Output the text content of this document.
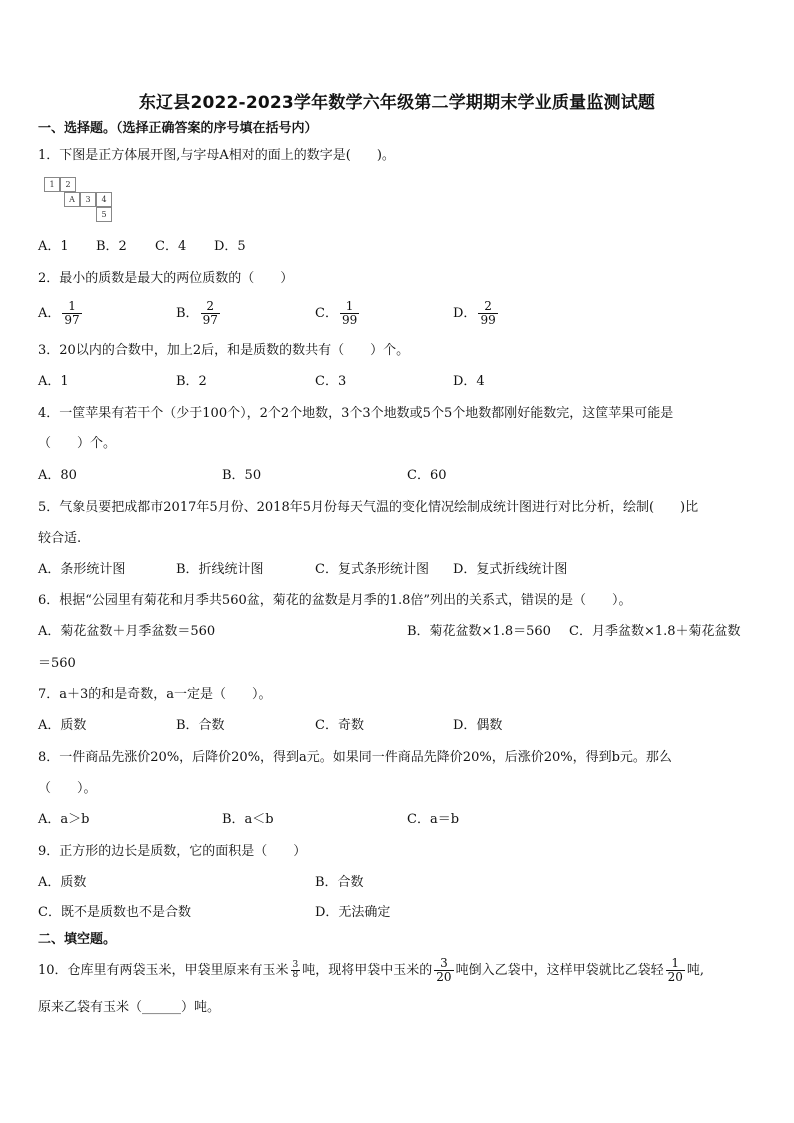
东辽县2022-2023学年数学六年级第二学期期末学业质量监测试题
一、选择题。（选择正确答案的序号填在括号内）
1．下图是正方体展开图,与字母A相对的面上的数字是(　　)。
1	2
A	3	4
5
A．1 B．2 C．4 D．5
2．最小的质数是最大的两位质数的（　　）
A． $\frac{1}{97}$	B． $\frac{2}{97}$	C． $\frac{1}{99}$	D． $\frac{2}{99}$
3．20以内的合数中，加上2后，和是质数的数共有（　　）个。
A．1	B．2	C．3	D．4
4．一筐苹果有若干个（少于100个），2个2个地数，3个3个地数或5个5个地数都刚好能数完，这筐苹果可能是
（　　）个。
A．80	B．50	C．60
5．气象员要把成都市2017年5月份、2018年5月份每天气温的变化情况绘制成统计图进行对比分析，绘制(　　)比
较合适.
A．条形统计图	B．折线统计图	C．复式条形统计图 D．复式折线统计图
6．根据“公园里有菊花和月季共560盆，菊花的盆数是月季的1.8倍”列出的关系式，错误的是（　　）。
A．菊花盆数＋月季盆数＝560	B．菊花盆数×1.8＝560 C．月季盆数×1.8＋菊花盆数
＝560
7．a＋3的和是奇数，a一定是（　　）。
A．质数	B．合数	C．奇数	D．偶数
8．一件商品先涨价20%，后降价20%，得到a元。如果同一件商品先降价20%，后涨价20%，得到b元。那么
（　　）。
A．a＞b	B．a＜b	C．a＝b
9．正方形的边长是质数，它的面积是（　　）
A．质数	B．合数
C．既不是质数也不是合数	D．无法确定
二、填空题。
10．仓库里有两袋玉米，甲袋里原来有玉米 $\frac{3}{8}$ 吨，现将甲袋中玉米的 $\frac{3}{20}$ 吨倒入乙袋中，这样甲袋就比乙袋轻 $\frac{1}{20}$ 吨,
原来乙袋有玉米（______）吨。
